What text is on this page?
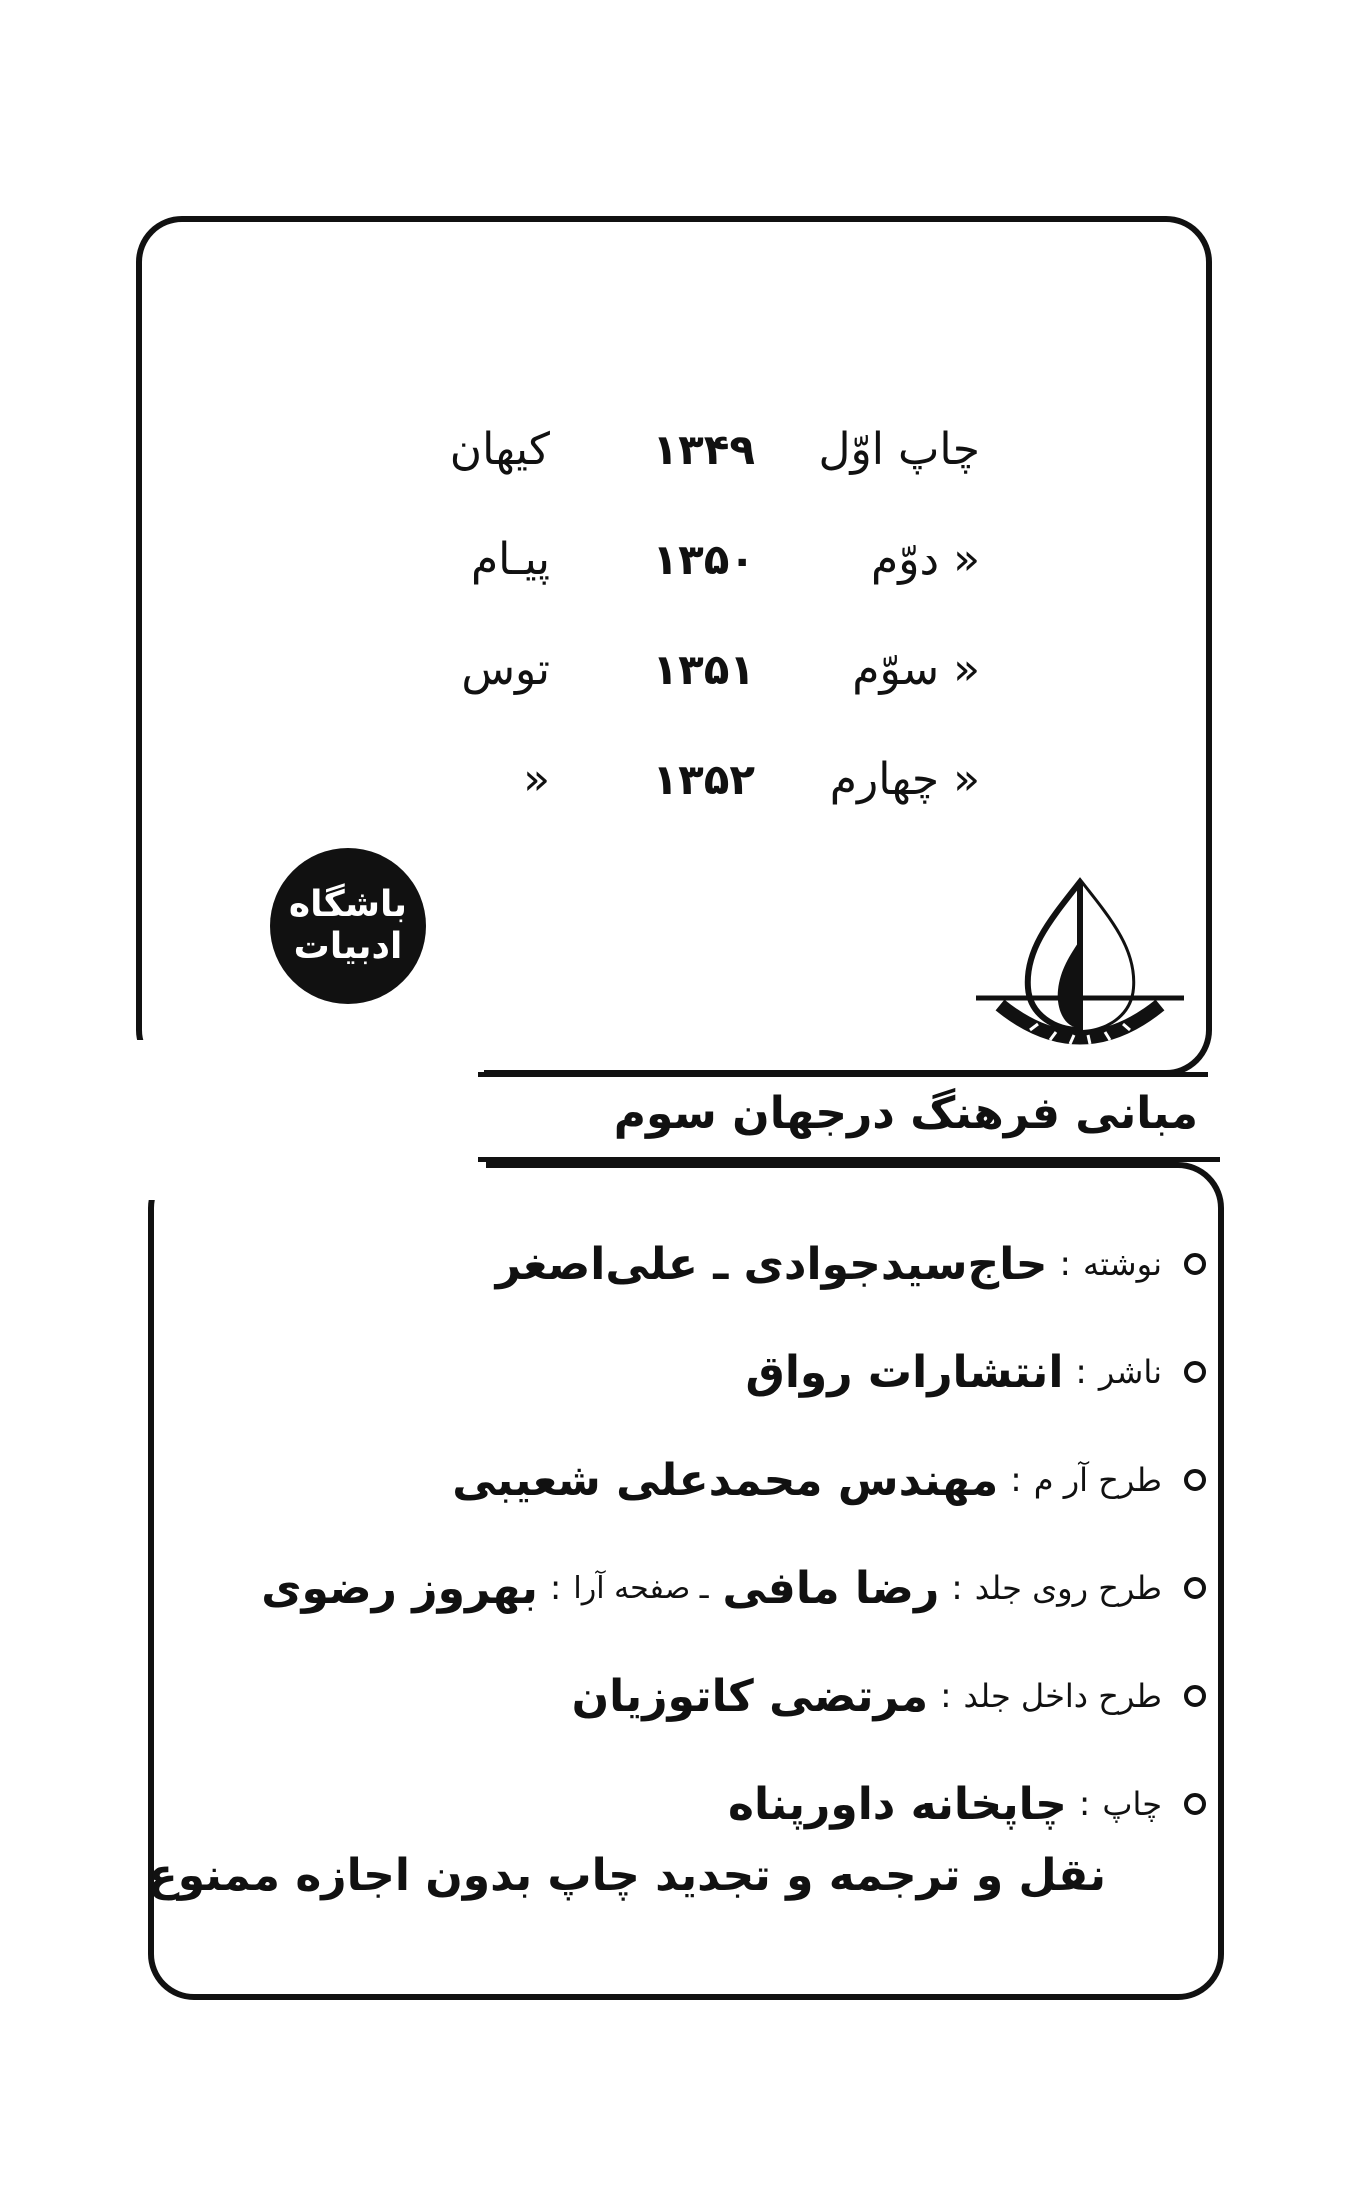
چاپ اوّل
۱۳۴۹
کیهان
« دوّم
۱۳۵۰
پیـام
« سوّم
۱۳۵۱
توس
« چهارم
۱۳۵۲
«
باشگاه
ادبیات
مبانی فرهنگ درجهان سوم
نوشته
:
حاج‌سیدجوادی ـ علی‌اصغر
ناشر
:
انتشارات رواق
طرح آر م
:
مهندس محمدعلی شعیبی
طرح روی جلد
:
رضا مافی
ـ صفحه آرا
:
بهروز رضوی
طرح داخل جلد
:
مرتضی کاتوزیان
چاپ
:
چاپخانه داورپناه
نقل و ترجمه و تجدید چاپ بدون اجازه ممنوع
